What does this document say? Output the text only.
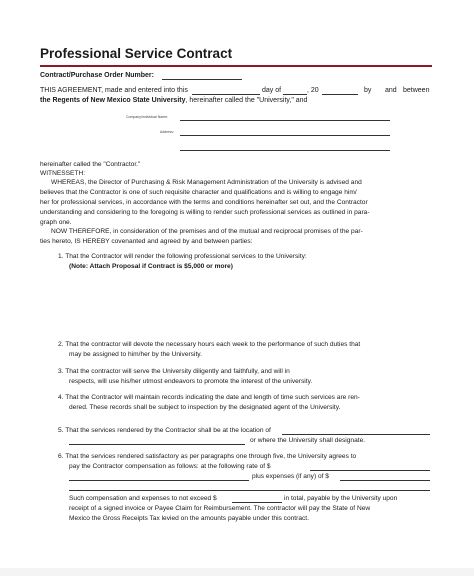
Professional Service Contract
Contract/Purchase Order Number:
THIS AGREEMENT, made and entered into this	day of	, 20	by and between
the Regents of New Mexico State University, hereinafter called the "University," and
Company/Individual Name:
Address:
hereinafter called the "Contractor."
WITNESSETH:
WHEREAS, the Director of Purchasing & Risk Management Administration of the University is advised and
believes that the Contractor is one of such requisite character and qualifications and is willing to engage him/
her for professional services, in accordance with the terms and conditions hereinafter set out, and the Contractor
understanding and considering to the foregoing is willing to render such professional services as outlined in para-
graph one.
NOW THEREFORE, in consideration of the premises and of the mutual and reciprocal promises of the par-
ties hereto, IS HEREBY covenanted and agreed by and between parties:
1. That the Contractor will render the following professional services to the University:
(Note: Attach Proposal if Contract is $5,000 or more)
2. That the contractor will devote the necessary hours each week to the performance of such duties that
may be assigned to him/her by the University.
3. That the contractor will serve the University diligently and faithfully, and will in
respects, will use his/her utmost endeavors to promote the interest of the university.
4. That the Contractor will maintain records indicating the date and length of time such services are ren-
dered. These records shall be subject to inspection by the designated agent of the University.
5. That the services rendered by the Contractor shall be at the location of
or where the University shall designate.
6. That the services rendered satisfactory as per paragraphs one through five, the University agrees to
pay the Contractor compensation as follows: at the following rate of $
plus expenses (if any) of $
Such compensation and expenses to not exceed $	in total, payable by the University upon
receipt of a signed invoice or Payee Claim for Reimbursement. The contractor will pay the State of New
Mexico the Gross Receipts Tax levied on the amounts payable under this contract.
